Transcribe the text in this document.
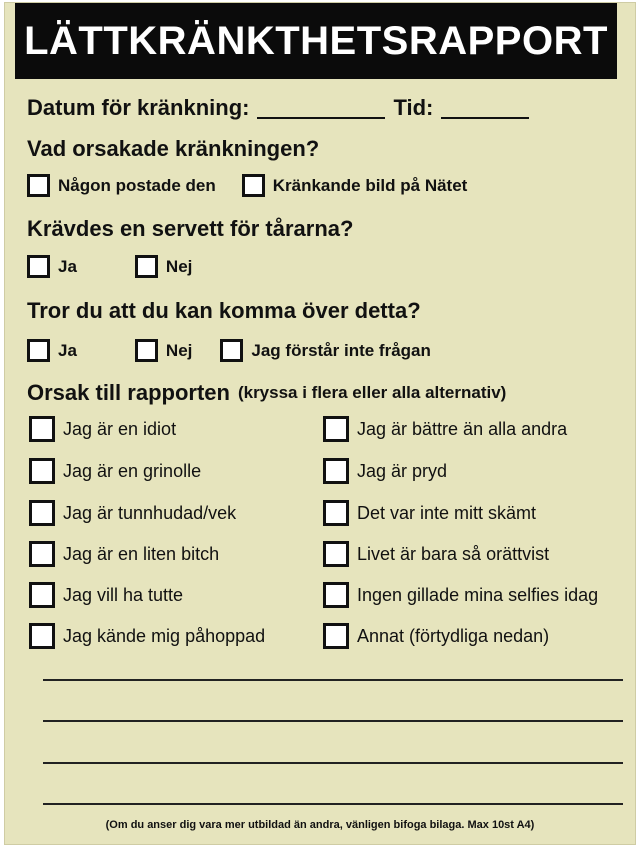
LÄTTKRÄNKTHETSRAPPORT
Datum för kränkning:	Tid:
Vad orsakade kränkningen?
Någon postade den	Kränkande bild på Nätet
Krävdes en servett för tårarna?
Ja	Nej
Tror du att du kan komma över detta?
Ja	Nej	Jag förstår inte frågan
Orsak till rapporten (kryssa i flera eller alla alternativ)
Jag är en idiot
Jag är en grinolle
Jag är tunnhudad/vek
Jag är en liten bitch
Jag vill ha tutte
Jag kände mig påhoppad
Jag är bättre än alla andra
Jag är pryd
Det var inte mitt skämt
Livet är bara så orättvist
Ingen gillade mina selfies idag
Annat (förtydliga nedan)
(Om du anser dig vara mer utbildad än andra, vänligen bifoga bilaga. Max 10st A4)
